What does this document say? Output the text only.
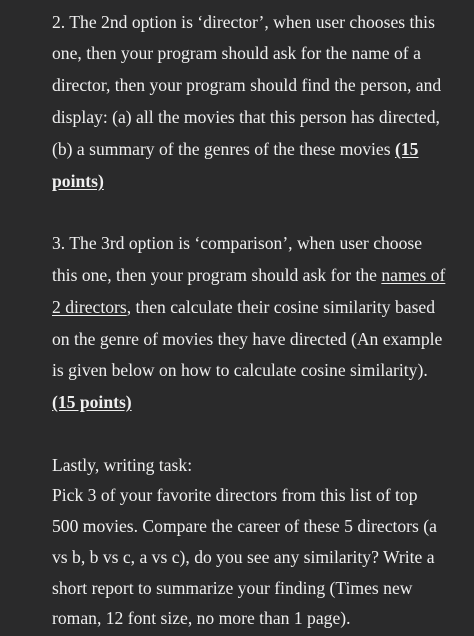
2. The 2nd option is ‘director’, when user chooses this
one, then your program should ask for the name of a
director, then your program should find the person, and
display: (a) all the movies that this person has directed,
(b) a summary of the genres of the these movies (15
points)
3. The 3rd option is ‘comparison’, when user choose
this one, then your program should ask for the names of
2 directors, then calculate their cosine similarity based
on the genre of movies they have directed (An example
is given below on how to calculate cosine similarity).
(15 points)
Lastly, writing task:
Pick 3 of your favorite directors from this list of top
500 movies. Compare the career of these 5 directors (a
vs b, b vs c, a vs c), do you see any similarity? Write a
short report to summarize your finding (Times new
roman, 12 font size, no more than 1 page).
